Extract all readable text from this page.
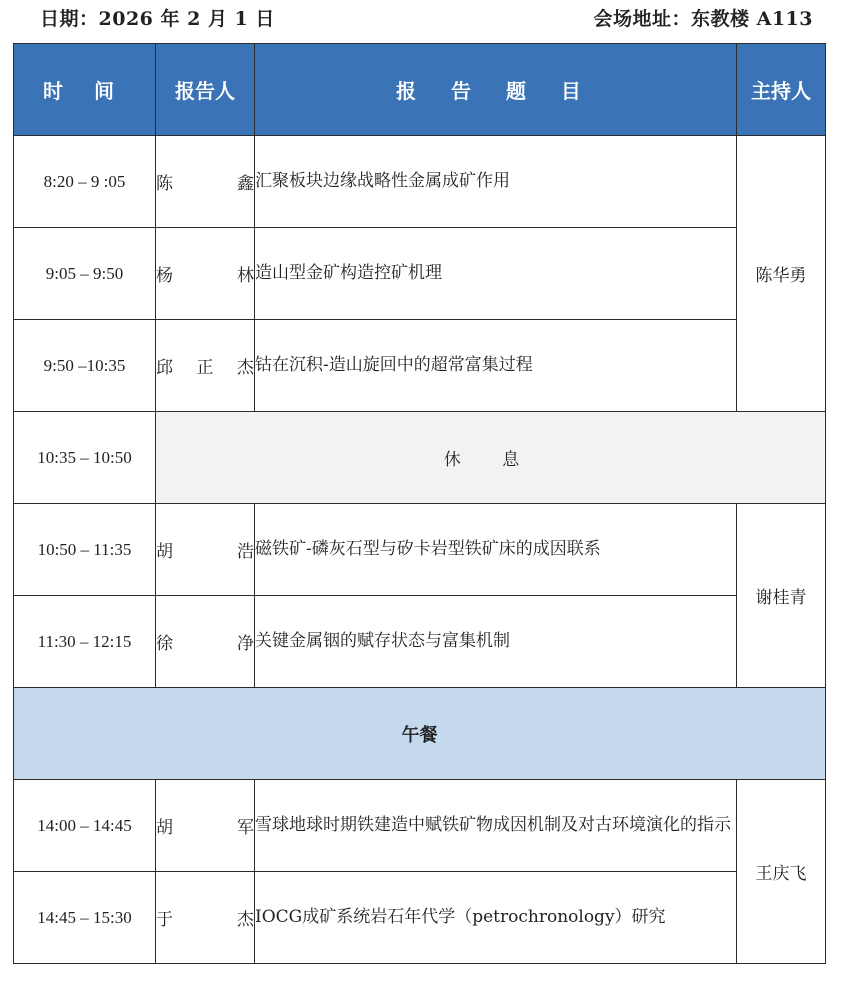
日期：2026 年 2 月 1 日	会场地址：东教楼 A113
时 间	报告人	报 告 题 目	主持人
8:20 – 9 :05	陈 鑫	汇聚板块边缘战略性金属成矿作用	陈华勇
9:05 – 9:50	杨 林	造山型金矿构造控矿机理	
9:50 –10:35	邱 正 杰	钴在沉积-造山旋回中的超常富集过程	
10:35 – 10:50	休 息		
10:50 – 11:35	胡 浩	磁铁矿-磷灰石型与矽卡岩型铁矿床的成因联系	谢桂青
11:30 – 12:15	徐 净	关键金属铟的赋存状态与富集机制	
午餐			
14:00 – 14:45	胡 军	雪球地球时期铁建造中赋铁矿物成因机制及对古环境演化的指示	王庆飞
14:45 – 15:30	于 杰	IOCG成矿系统岩石年代学（petrochronology）研究	
